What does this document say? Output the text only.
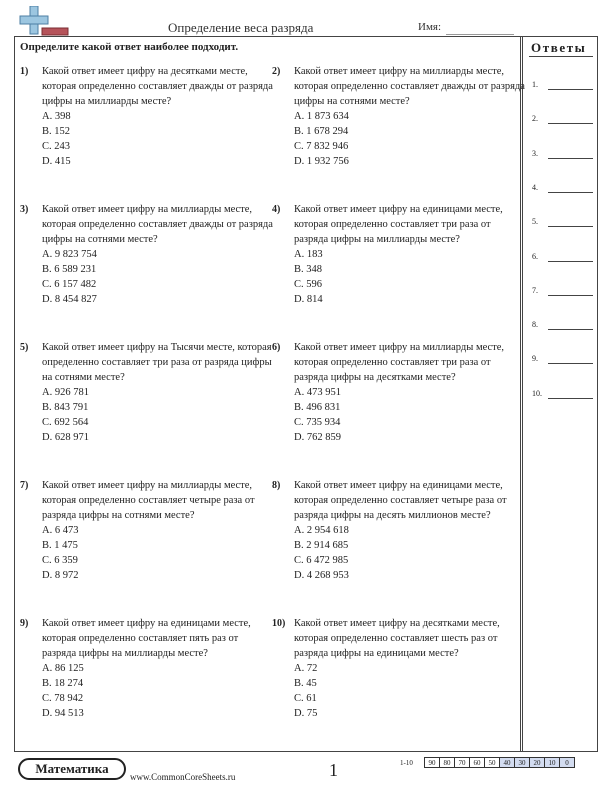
Определение веса разряда	Имя:
Определите какой ответ наиболее подходит.	Ответы
1.
2.
3.
4.
5.
6.
7.
8.
9.
10.
1) Какой ответ имеет цифру на десятками месте, которая определенно составляет дважды от разряда цифры на миллиарды месте?
A. 398
B. 152
C. 243
D. 415
2) Какой ответ имеет цифру на миллиарды месте, которая определенно составляет дважды от разряда цифры на сотнями месте?
A. 1 873 634
B. 1 678 294
C. 7 832 946
D. 1 932 756
3) Какой ответ имеет цифру на миллиарды месте, которая определенно составляет дважды от разряда цифры на сотнями месте?
A. 9 823 754
B. 6 589 231
C. 6 157 482
D. 8 454 827
4) Какой ответ имеет цифру на единицами месте, которая определенно составляет три раза от разряда цифры на миллиарды месте?
A. 183
B. 348
C. 596
D. 814
5) Какой ответ имеет цифру на Тысячи месте, которая определенно составляет три раза от разряда цифры на сотнями месте?
A. 926 781
B. 843 791
C. 692 564
D. 628 971
6) Какой ответ имеет цифру на миллиарды месте, которая определенно составляет три раза от разряда цифры на десятками месте?
A. 473 951
B. 496 831
C. 735 934
D. 762 859
7) Какой ответ имеет цифру на миллиарды месте, которая определенно составляет четыре раза от разряда цифры на сотнями месте?
A. 6 473
B. 1 475
C. 6 359
D. 8 972
8) Какой ответ имеет цифру на единицами месте, которая определенно составляет четыре раза от разряда цифры на десять миллионов месте?
A. 2 954 618
B. 2 914 685
C. 6 472 985
D. 4 268 953
9) Какой ответ имеет цифру на единицами месте, которая определенно составляет пять раз от разряда цифры на миллиарды месте?
A. 86 125
B. 18 274
C. 78 942
D. 94 513
10) Какой ответ имеет цифру на десятками месте, которая определенно составляет шесть раз от разряда цифры на единицами месте?
A. 72
B. 45
C. 61
D. 75
Математика
www.CommonCoreSheets.ru	1	1-10	90	80	70	60	50	40	30	20	10	0
